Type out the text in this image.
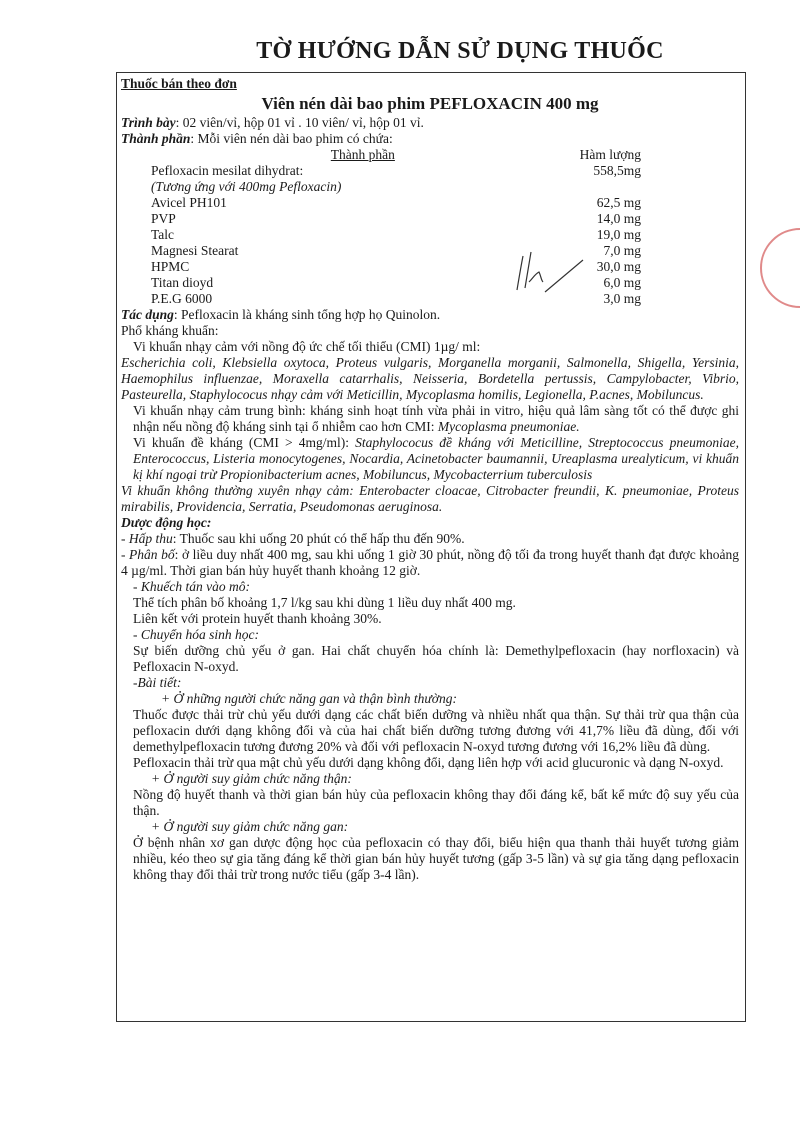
TỜ HƯỚNG DẪN SỬ DỤNG THUỐC

Thuốc bán theo đơn

Viên nén dài bao phim PEFLOXACIN 400 mg

Trình bày: 02 viên/vỉ, hộp 01 vỉ . 10 viên/ vỉ, hộp 01 vỉ.

Thành phần: Mỗi viên nén dài bao phim có chứa:

Thành phần	Hàm lượng
Pefloxacin mesilat dihydrat:	558,5mg
(Tương ứng với 400mg Pefloxacin)	
Avicel PH101	62,5 mg
PVP	14,0 mg
Talc	19,0 mg
Magnesi Stearat	7,0 mg
HPMC	30,0 mg
Titan dioyd	6,0 mg
P.E.G 6000	3,0 mg

Tác dụng: Pefloxacin là kháng sinh tổng hợp họ Quinolon.

Phổ kháng khuẩn:

Vi khuẩn nhạy cảm với nồng độ ức chế tối thiểu (CMI) 1µg/ ml:

Escherichia coli, Klebsiella oxytoca, Proteus vulgaris, Morganella morganii, Salmonella, Shigella, Yersinia, Haemophilus influenzae, Moraxella catarrhalis, Neisseria, Bordetella pertussis, Campylobacter, Vibrio, Pasteurella, Staphylococus nhạy cảm với Meticillin, Mycoplasma homilis, Legionella, P.acnes, Mobiluncus.

Vi khuẩn nhạy cảm trung bình: kháng sinh hoạt tính vừa phải in vitro, hiệu quả lâm sàng tốt có thể được ghi nhận nếu nồng độ kháng sinh tại ổ nhiễm cao hơn CMI: Mycoplasma pneumoniae.

Vi khuẩn đề kháng (CMI > 4mg/ml): Staphylococus đề kháng với Meticilline, Streptococcus pneumoniae, Enterococcus, Listeria monocytogenes, Nocardia, Acinetobacter baumannii, Ureaplasma urealyticum, vi khuẩn kị khí ngoại trừ Propionibacterium acnes, Mobiluncus, Mycobacterrium tuberculosis

Vi khuẩn không thường xuyên nhạy cảm: Enterobacter cloacae, Citrobacter freundii, K. pneumoniae, Proteus mirabilis, Providencia, Serratia, Pseudomonas aeruginosa.

Dược động học:

- Hấp thu: Thuốc sau khi uống 20 phút có thể hấp thu đến 90%.

- Phân bố: ở liều duy nhất 400 mg, sau khi uống 1 giờ 30 phút, nồng độ tối đa trong huyết thanh đạt được khoảng 4 µg/ml. Thời gian bán hủy huyết thanh khoảng 12 giờ.

- Khuếch tán vào mô:

Thể tích phân bố khoảng 1,7 l/kg sau khi dùng 1 liều duy nhất 400 mg.

Liên kết với protein huyết thanh khoảng 30%.

- Chuyển hóa sinh học:

Sự biến dưỡng chủ yếu ở gan. Hai chất chuyển hóa chính là: Demethylpefloxacin (hay norfloxacin) và Pefloxacin N-oxyd.

-Bài tiết:

+ Ở những người chức năng gan và thận bình thường:

Thuốc được thải trừ chủ yếu dưới dạng các chất biến dưỡng và nhiều nhất qua thận. Sự thải trừ qua thận của pefloxacin dưới dạng không đổi và của hai chất biến dưỡng tương đương với 41,7% liều đã dùng, đối với demethylpefloxacin tương đương 20% và đối với pefloxacin N-oxyd tương đương với 16,2% liều đã dùng.

Pefloxacin thải trừ qua mật chủ yếu dưới dạng không đổi, dạng liên hợp với acid glucuronic và dạng N-oxyd.

+ Ở người suy giảm chức năng thận:

Nồng độ huyết thanh và thời gian bán hủy của pefloxacin không thay đổi đáng kể, bất kể mức độ suy yếu của thận.

+ Ở người suy giảm chức năng gan:

Ở bệnh nhân xơ gan dược động học của pefloxacin có thay đổi, biểu hiện qua thanh thải huyết tương giảm nhiều, kéo theo sự gia tăng đáng kể thời gian bán hủy huyết tương (gấp 3-5 lần) và sự gia tăng dạng pefloxacin không thay đổi thải trừ trong nước tiểu (gấp 3-4 lần).
